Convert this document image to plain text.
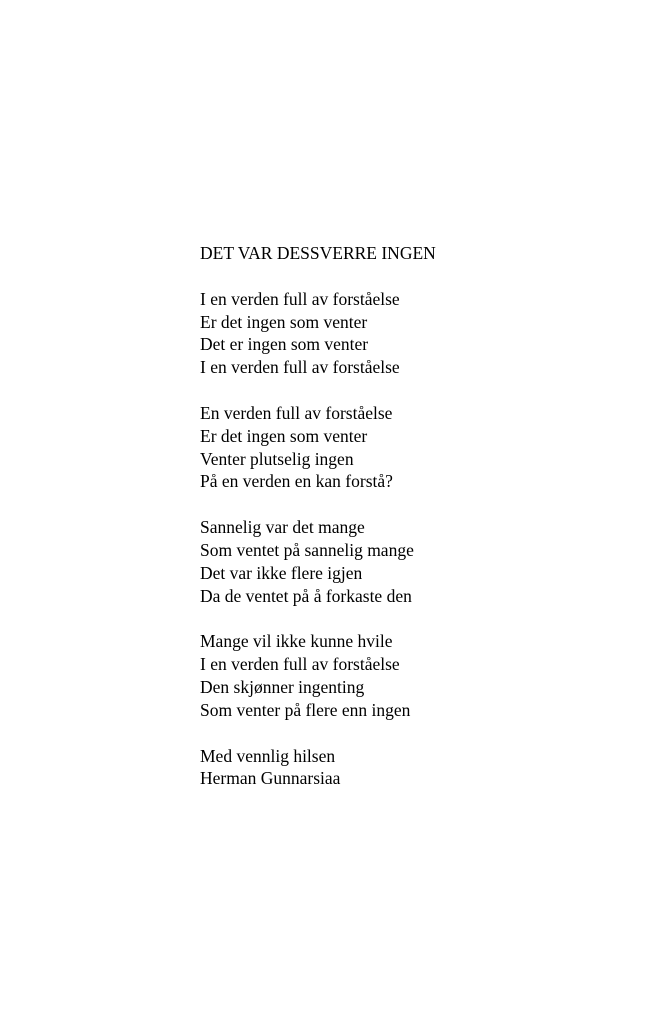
DET VAR DESSVERRE INGEN
I en verden full av forståelse
Er det ingen som venter
Det er ingen som venter
I en verden full av forståelse
En verden full av forståelse
Er det ingen som venter
Venter plutselig ingen
På en verden en kan forstå?
Sannelig var det mange
Som ventet på sannelig mange
Det var ikke flere igjen
Da de ventet på å forkaste den
Mange vil ikke kunne hvile
I en verden full av forståelse
Den skjønner ingenting
Som venter på flere enn ingen
Med vennlig hilsen
Herman Gunnarsiaa
